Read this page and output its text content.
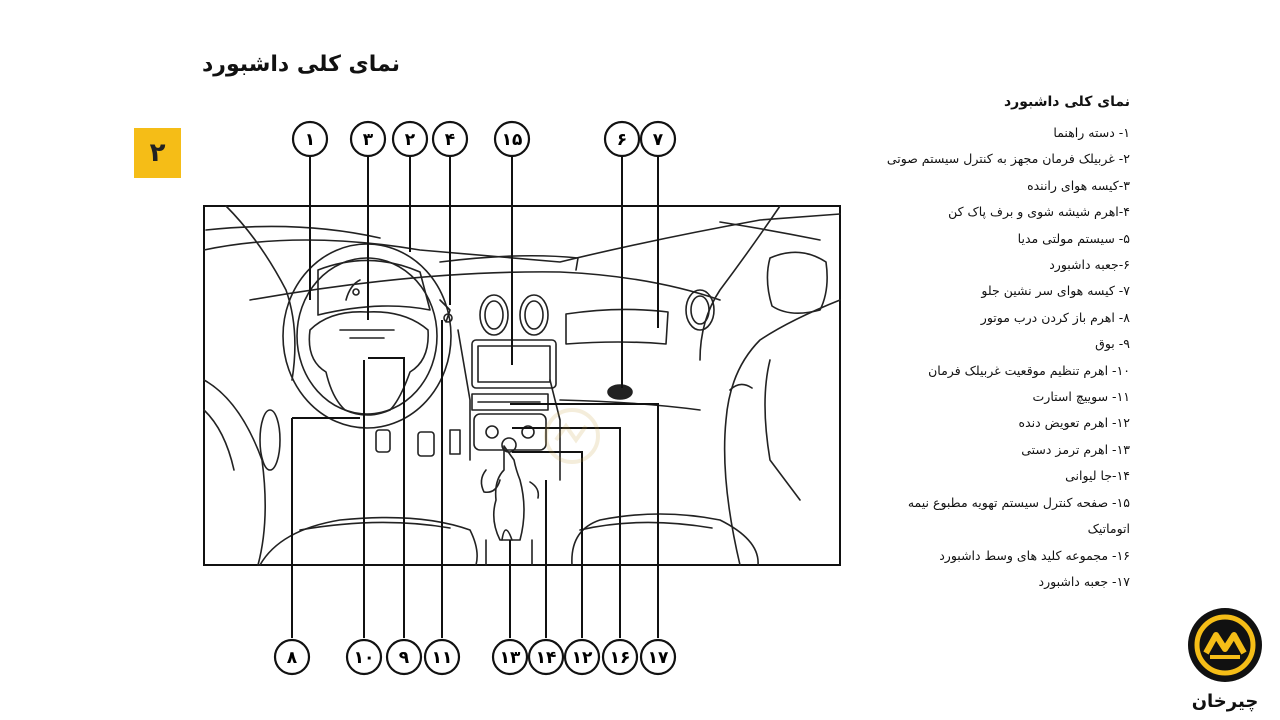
نمای کلی داشبورد
۲	۱	۳ ۲ ۴	۱۵	۶ ۷
۸	۱۰ ۹ ۱۱	۱۳ ۱۴ ۱۲ ۱۶ ۱۷
نمای کلی داشبورد
۱- دسته راهنما
۲- غربیلک فرمان مجهز به کنترل سیستم صوتی
۳-کیسه هوای راننده
۴-اهرم شیشه شوی و برف پاک کن
۵- سیستم مولتی مدیا
۶-جعبه داشبورد
۷- کیسه هوای سر نشین جلو
۸- اهرم باز کردن درب موتور
۹- بوق
۱۰- اهرم تنظیم موقعیت غربیلک فرمان
۱۱- سوییچ استارت
۱۲- اهرم تعویض دنده
۱۳- اهرم ترمز دستی
۱۴-جا لیوانی
۱۵- صفحه کنترل سیستم تهویه مطبوع نیمه
اتوماتیک
۱۶- مجموعه کلید های وسط داشبورد
۱۷- جعبه داشبورد
چیرخان
